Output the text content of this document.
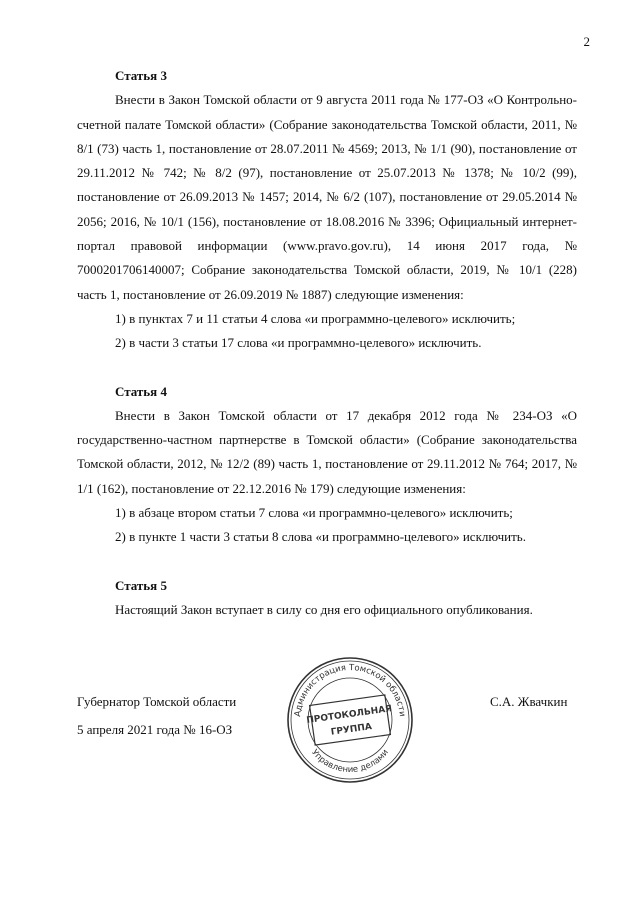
2

Статья 3

Внести в Закон Томской области от 9 августа 2011 года № 177-ОЗ «О Контрольно-счетной палате Томской области» (Собрание законодательства Томской области, 2011, № 8/1 (73) часть 1, постановление от 28.07.2011 № 4569; 2013, № 1/1 (90), постановление от 29.11.2012 № 742; № 8/2 (97), постановление от 25.07.2013 № 1378; № 10/2 (99), постановление от 26.09.2013 № 1457; 2014, № 6/2 (107), постановление от 29.05.2014 № 2056; 2016, № 10/1 (156), постановление от 18.08.2016 № 3396; Официальный интернет-портал правовой информации (www.pravo.gov.ru), 14 июня 2017 года, № 7000201706140007; Собрание законодательства Томской области, 2019, № 10/1 (228) часть 1, постановление от 26.09.2019 № 1887) следующие изменения:

1) в пунктах 7 и 11 статьи 4 слова «и программно-целевого» исключить;

2) в части 3 статьи 17 слова «и программно-целевого» исключить.

Статья 4

Внести в Закон Томской области от 17 декабря 2012 года № 234-ОЗ «О государственно-частном партнерстве в Томской области» (Собрание законодательства Томской области, 2012, № 12/2 (89) часть 1, постановление от 29.11.2012 № 764; 2017, № 1/1 (162), постановление от 22.12.2016 № 179) следующие изменения:

1) в абзаце втором статьи 7 слова «и программно-целевого» исключить;

2) в пункте 1 части 3 статьи 8 слова «и программно-целевого» исключить.

Статья 5

Настоящий Закон вступает в силу со дня его официального опубликования.

Губернатор Томской области
5 апреля 2021 года № 16-ОЗ
С.А. Жвачкин
Администрация Томской области
Управление делами
ПРОТОКОЛЬНАЯ
ГРУППА
